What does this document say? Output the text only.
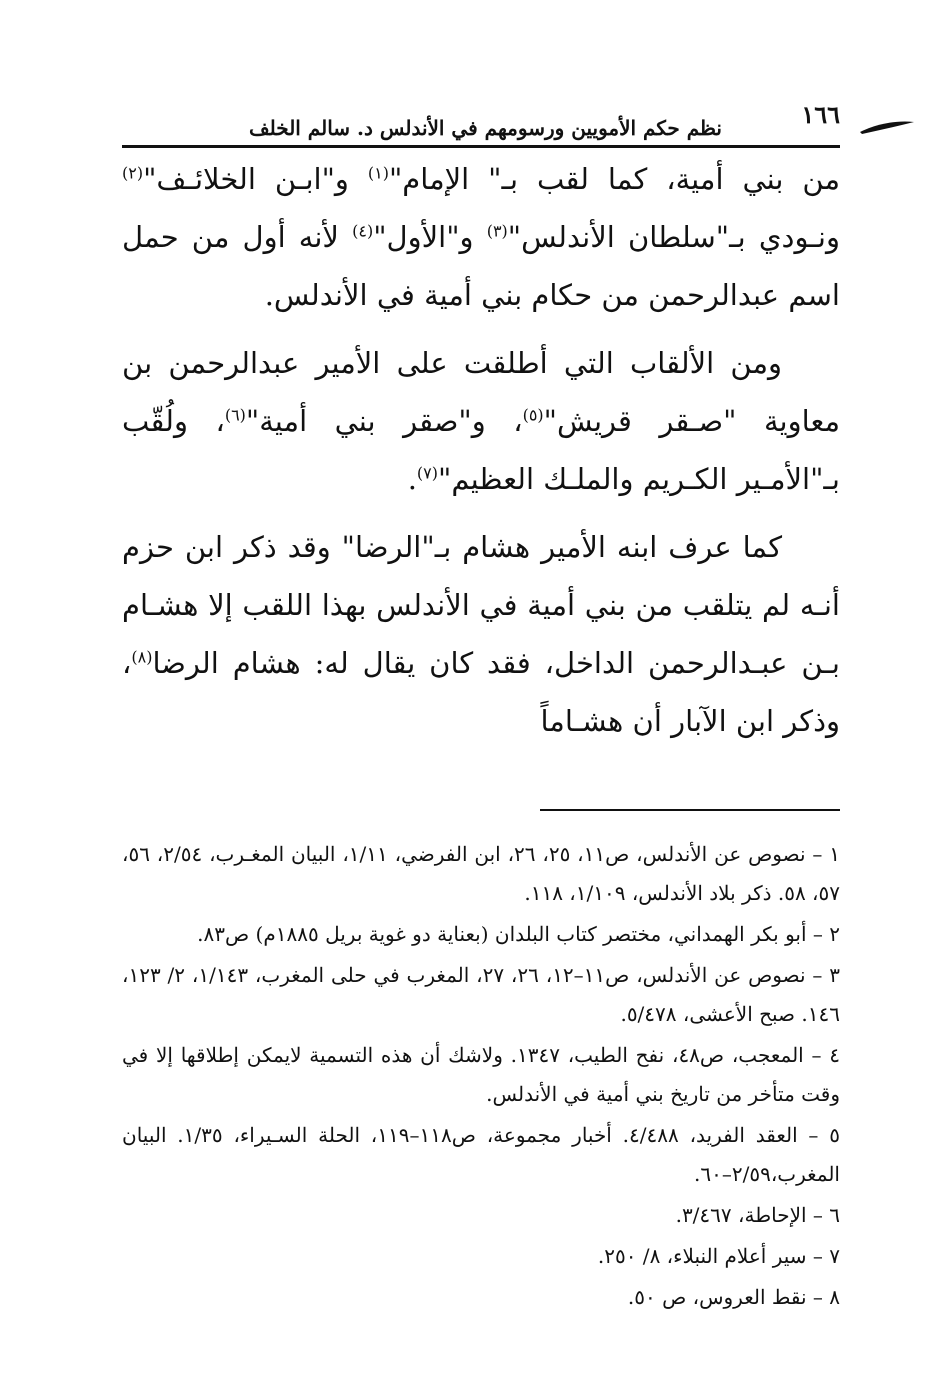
١٦٦
نظم حكم الأمويين ورسومهم في الأندلس د. سالم الخلف

من بني أمية، كما لقب بـ" الإمام"$^{(١)}$ و"ابـن الخلائـف"$^{(٢)}$ ونـودي بـ"سلطان الأندلس"$^{(٣)}$ و"الأول"$^{(٤)}$ لأنه أول من حمل اسم عبدالرحمن من حكام بني أمية في الأندلس.

ومن الألقاب التي أطلقت على الأمير عبدالرحمن بن معاوية "صـقر قريش"$^{(٥)}$، و"صقر بني أمية"$^{(٦)}$، ولُقّب بـ"الأمـير الكـريم والملـك العظيم"$^{(٧)}$.

كما عرف ابنه الأمير هشام بـ"الرضا" وقد ذكر ابن حزم أنـه لم يتلقب من بني أمية في الأندلس بهذا اللقب إلا هشـام بـن عبـدالرحمن الداخل، فقد كان يقال له: هشام الرضا$^{(٨)}$، وذكر ابن الآبار أن هشـاماً

١ – نصوص عن الأندلس، ص١١، ٢٥، ٢٦، ابن الفرضي، ١/١١، البيان المغـرب، ٢/٥٤، ٥٦، ٥٧، ٥٨. ذكر بلاد الأندلس، ١/١٠٩، ١١٨.

٢ – أبو بكر الهمداني، مختصر كتاب البلدان (بعناية دو غوية بريل ١٨٨٥م) ص٨٣.

٣ – نصوص عن الأندلس، ص١١–١٢، ٢٦، ٢٧، المغرب في حلى المغرب، ١/١٤٣، ٢/ ١٢٣، ١٤٦. صبح الأعشى، ٥/٤٧٨.

٤ – المعجب، ص٤٨، نفح الطيب، ١٣٤٧. ولاشك أن هذه التسمية لايمكن إطلاقها إلا في وقت متأخر من تاريخ بني أمية في الأندلس.

٥ – العقد الفريد، ٤/٤٨٨. أخبار مجموعة، ص١١٨–١١٩، الحلة السـيراء، ١/٣٥. البيان المغرب،٢/٥٩–٦٠.

٦ – الإحاطة، ٣/٤٦٧.

٧ – سير أعلام النبلاء، ٨/ ٢٥٠.

٨ – نقط العروس، ص ٥٠.
